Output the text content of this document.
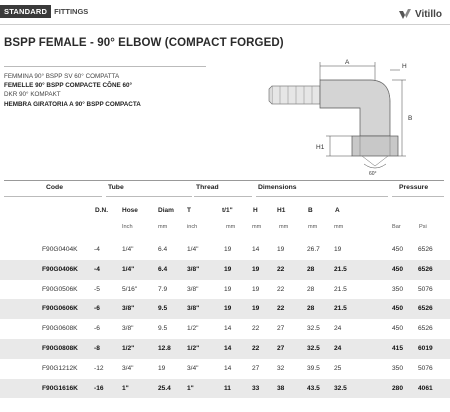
STANDARD FITTINGS	Vitillo
BSPP FEMALE - 90° ELBOW (COMPACT FORGED)
FEMMINA 90° BSPP SV 60° COMPATTA
FEMELLE 90° BSPP COMPACTE CÔNE 60°
DKR 90° KOMPAKT
HEMBRA GIRATORIA A 90° BSPP COMPACTA
A
H
B
H1
60°
Code	Tube	Thread	Dimensions	Pressure
D.N. Hose	Diam T	t/1"	H	H1	B	A
Inch	mm	inch	mm	mm	mm	mm	mm	Bar	Psi
F90G0404K -4	1/4"	6.4	1/4"	19	14	19	26.7 19	450 6526
F90G0406K -4	1/4"	6.4	3/8"	19	19	22	28	21.5	450 6526
F90G0506K -5	5/16"	7.9	3/8"	19	19	22	28	21.5	350 5076
F90G0606K -6	3/8"	9.5	3/8"	19	19	22	28	21.5	450 6526
F90G0608K -6	3/8"	9.5	1/2"	14	22	27	32.5 24	450 6526
F90G0808K -8	1/2"	12.8 1/2"	14	22	27	32.5 24	415 6019
F90G1212K -12	3/4"	19	3/4"	14	27	32	39.5 25	350 5076
F90G1616K -16	1"	25.4 1"	11	33	38	43.5 32.5	280 4061
